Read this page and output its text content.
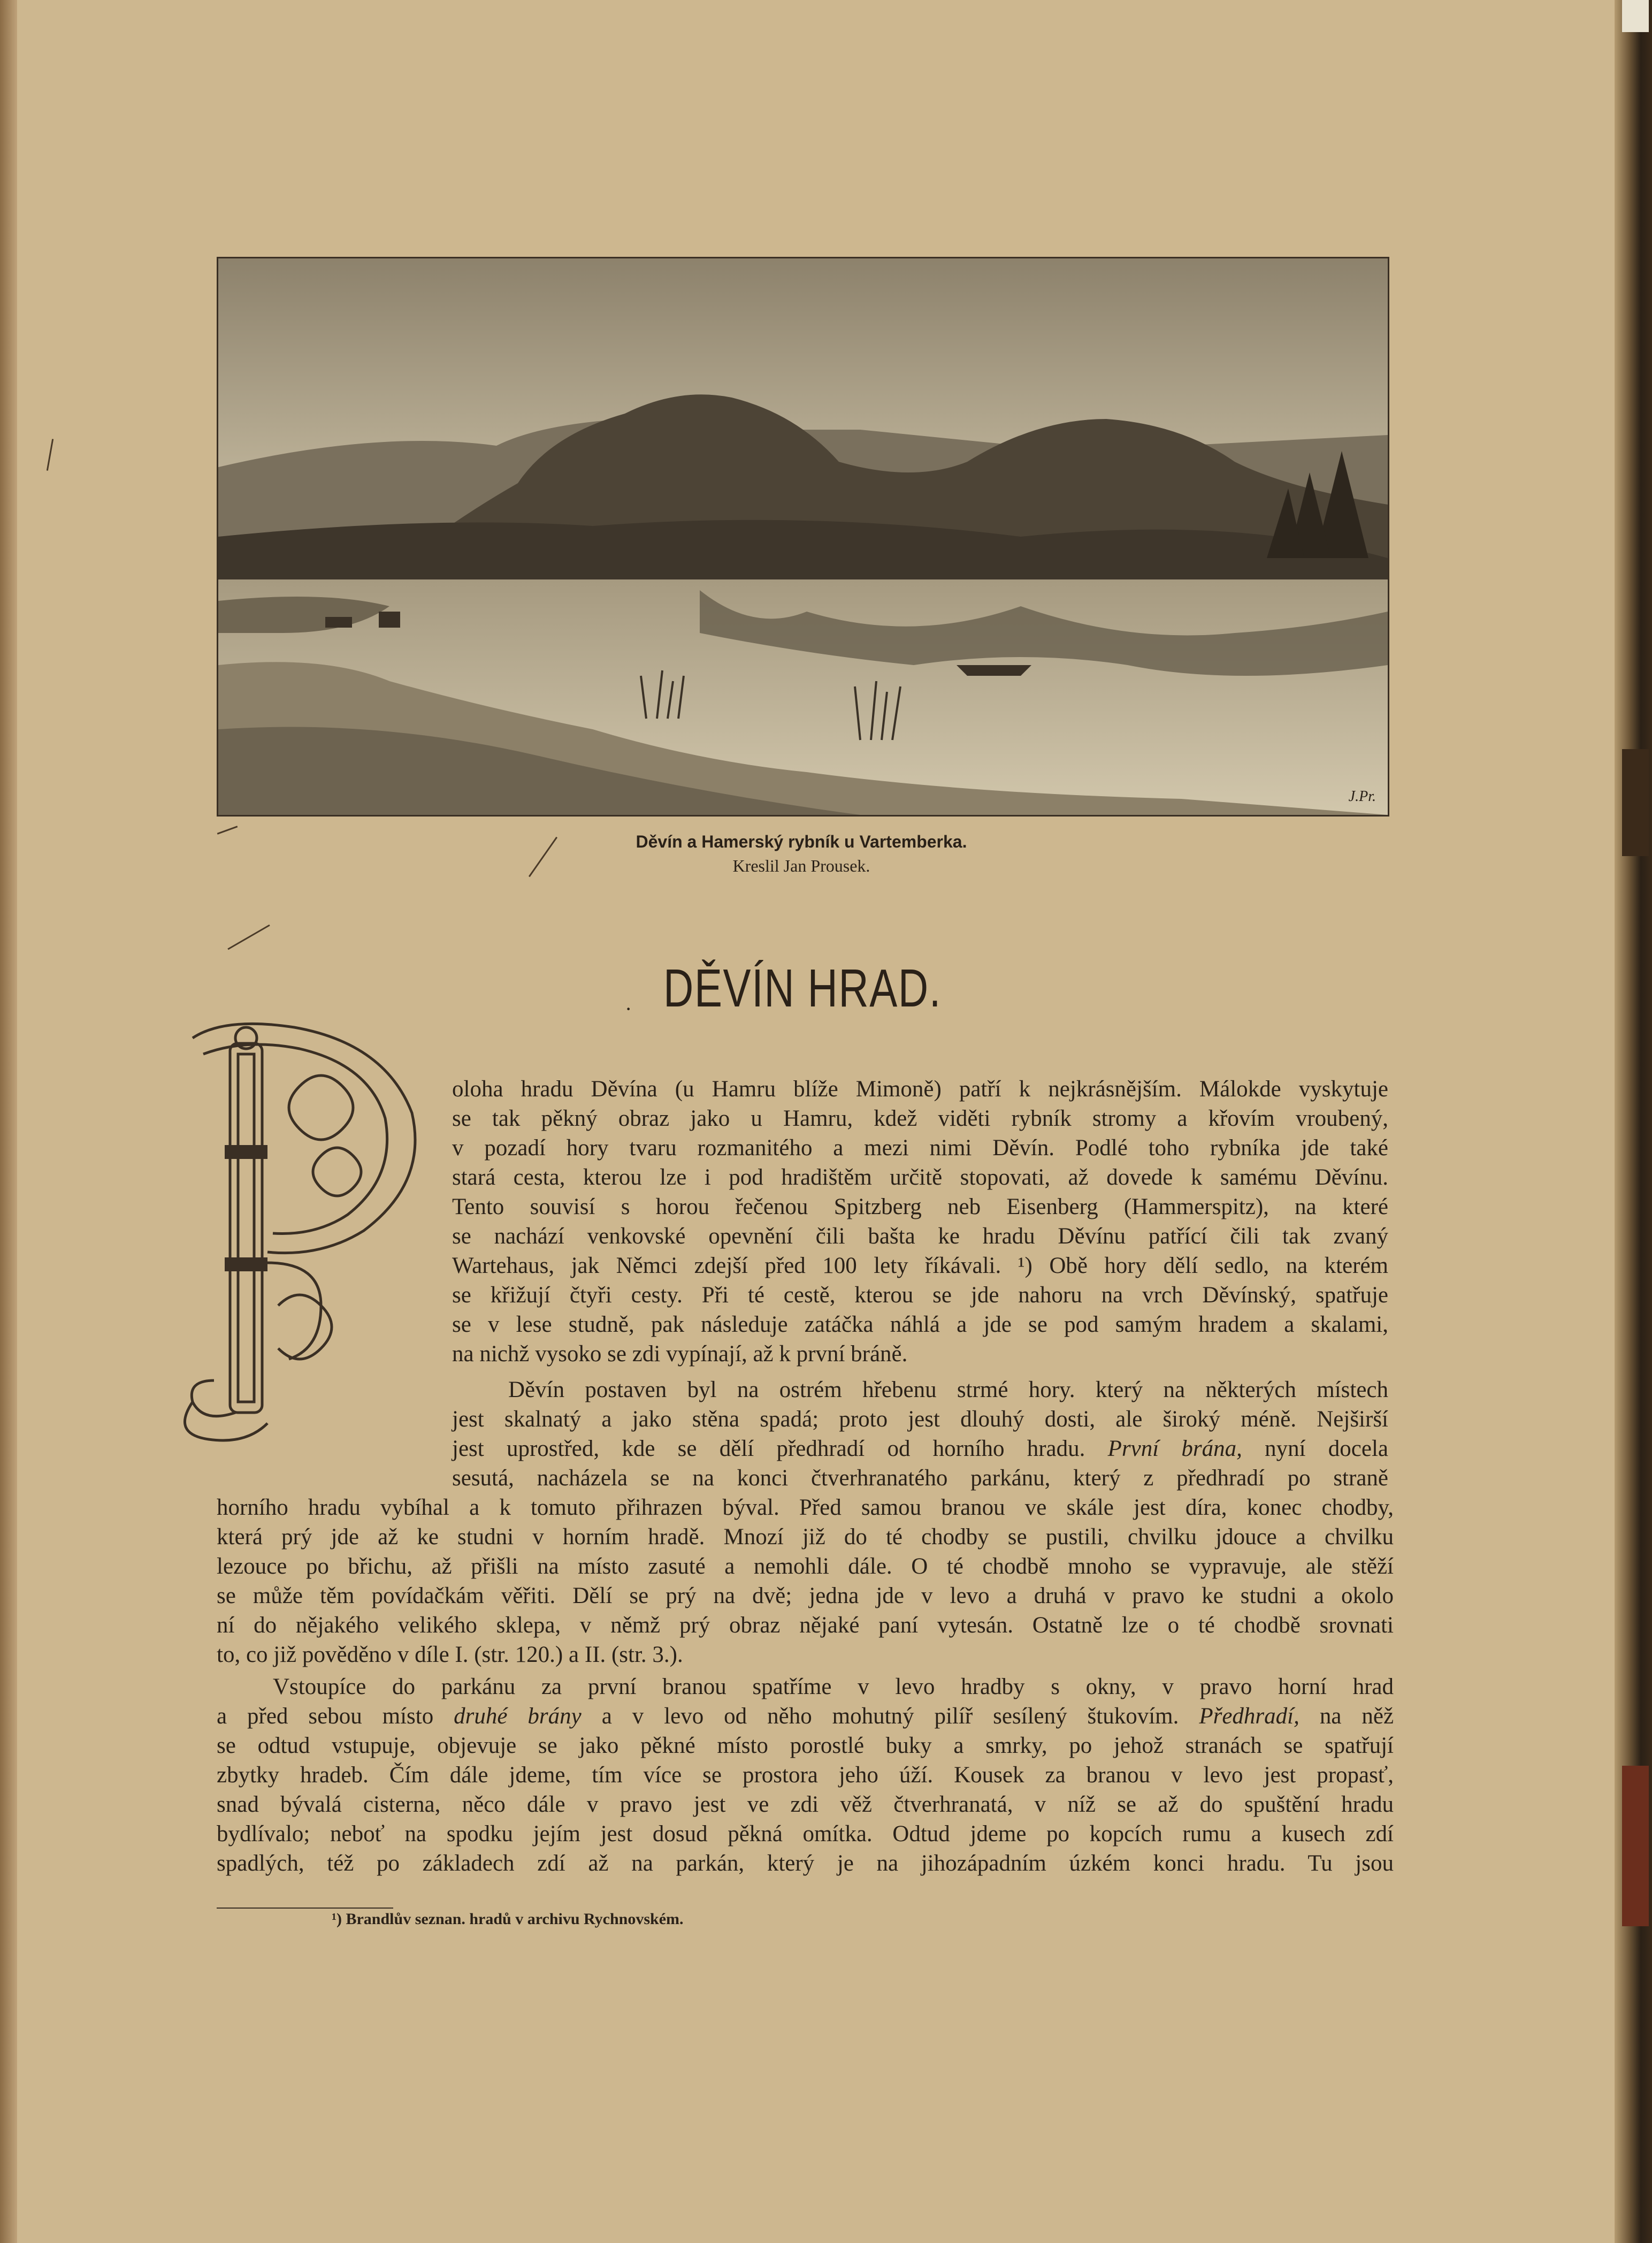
J.Pr.
Děvín a Hamerský rybník u Vartemberka.
Kreslil Jan Prousek.
· DĚVÍN HRAD.
P
oloha hradu Děvína (u Hamru blíže Mimoně) patří k nejkrásnějším. Málokde vyskytuje
se tak pěkný obraz jako u Hamru, kdež viděti rybník stromy a křovím vroubený,
v pozadí hory tvaru rozmanitého a mezi nimi Děvín. Podlé toho rybníka jde také
stará cesta, kterou lze i pod hradištěm určitě stopovati, až dovede k samému Děvínu.
Tento souvisí s horou řečenou Spitzberg neb Eisenberg (Hammerspitz), na které
se nachází venkovské opevnění čili bašta ke hradu Děvínu patřící čili tak zvaný
Wartehaus, jak Němci zdejší před 100 lety říkávali. ¹) Obě hory dělí sedlo, na kterém
se křižují čtyři cesty. Při té cestě, kterou se jde nahoru na vrch Děvínský, spatřuje
se v lese studně, pak následuje zatáčka náhlá a jde se pod samým hradem a skalami,
na nichž vysoko se zdi vypínají, až k první bráně.
Děvín postaven byl na ostrém hřebenu strmé hory. který na některých místech
jest skalnatý a jako stěna spadá; proto jest dlouhý dosti, ale široký méně. Nejširší
jest uprostřed, kde se dělí předhradí od horního hradu. První brána, nyní docela
sesutá, nacházela se na konci čtverhranatého parkánu, který z předhradí po straně
horního hradu vybíhal a k tomuto přihrazen býval. Před samou branou ve skále jest díra, konec chodby,
která prý jde až ke studni v horním hradě. Mnozí již do té chodby se pustili, chvilku jdouce a chvilku
lezouce po břichu, až přišli na místo zasuté a nemohli dále. O té chodbě mnoho se vypravuje, ale stěží
se může těm povídačkám věřiti. Dělí se prý na dvě; jedna jde v levo a druhá v pravo ke studni a okolo
ní do nějakého velikého sklepa, v němž prý obraz nějaké paní vytesán. Ostatně lze o té chodbě srovnati
to, co již pověděno v díle I. (str. 120.) a II. (str. 3.).
Vstoupíce do parkánu za první branou spatříme v levo hradby s okny, v pravo horní hrad
a před sebou místo druhé brány a v levo od něho mohutný pilíř sesílený štukovím. Předhradí, na něž
se odtud vstupuje, objevuje se jako pěkné místo porostlé buky a smrky, po jehož stranách se spatřují
zbytky hradeb. Čím dále jdeme, tím více se prostora jeho úží. Kousek za branou v levo jest propasť,
snad bývalá cisterna, něco dále v pravo jest ve zdi věž čtverhranatá, v níž se až do spuštění hradu
bydlívalo; neboť na spodku jejím jest dosud pěkná omítka. Odtud jdeme po kopcích rumu a kusech zdí
spadlých, též po základech zdí až na parkán, který je na jihozápadním úzkém konci hradu. Tu jsou
¹) Brandlův seznan. hradů v archivu Rychnovském.
